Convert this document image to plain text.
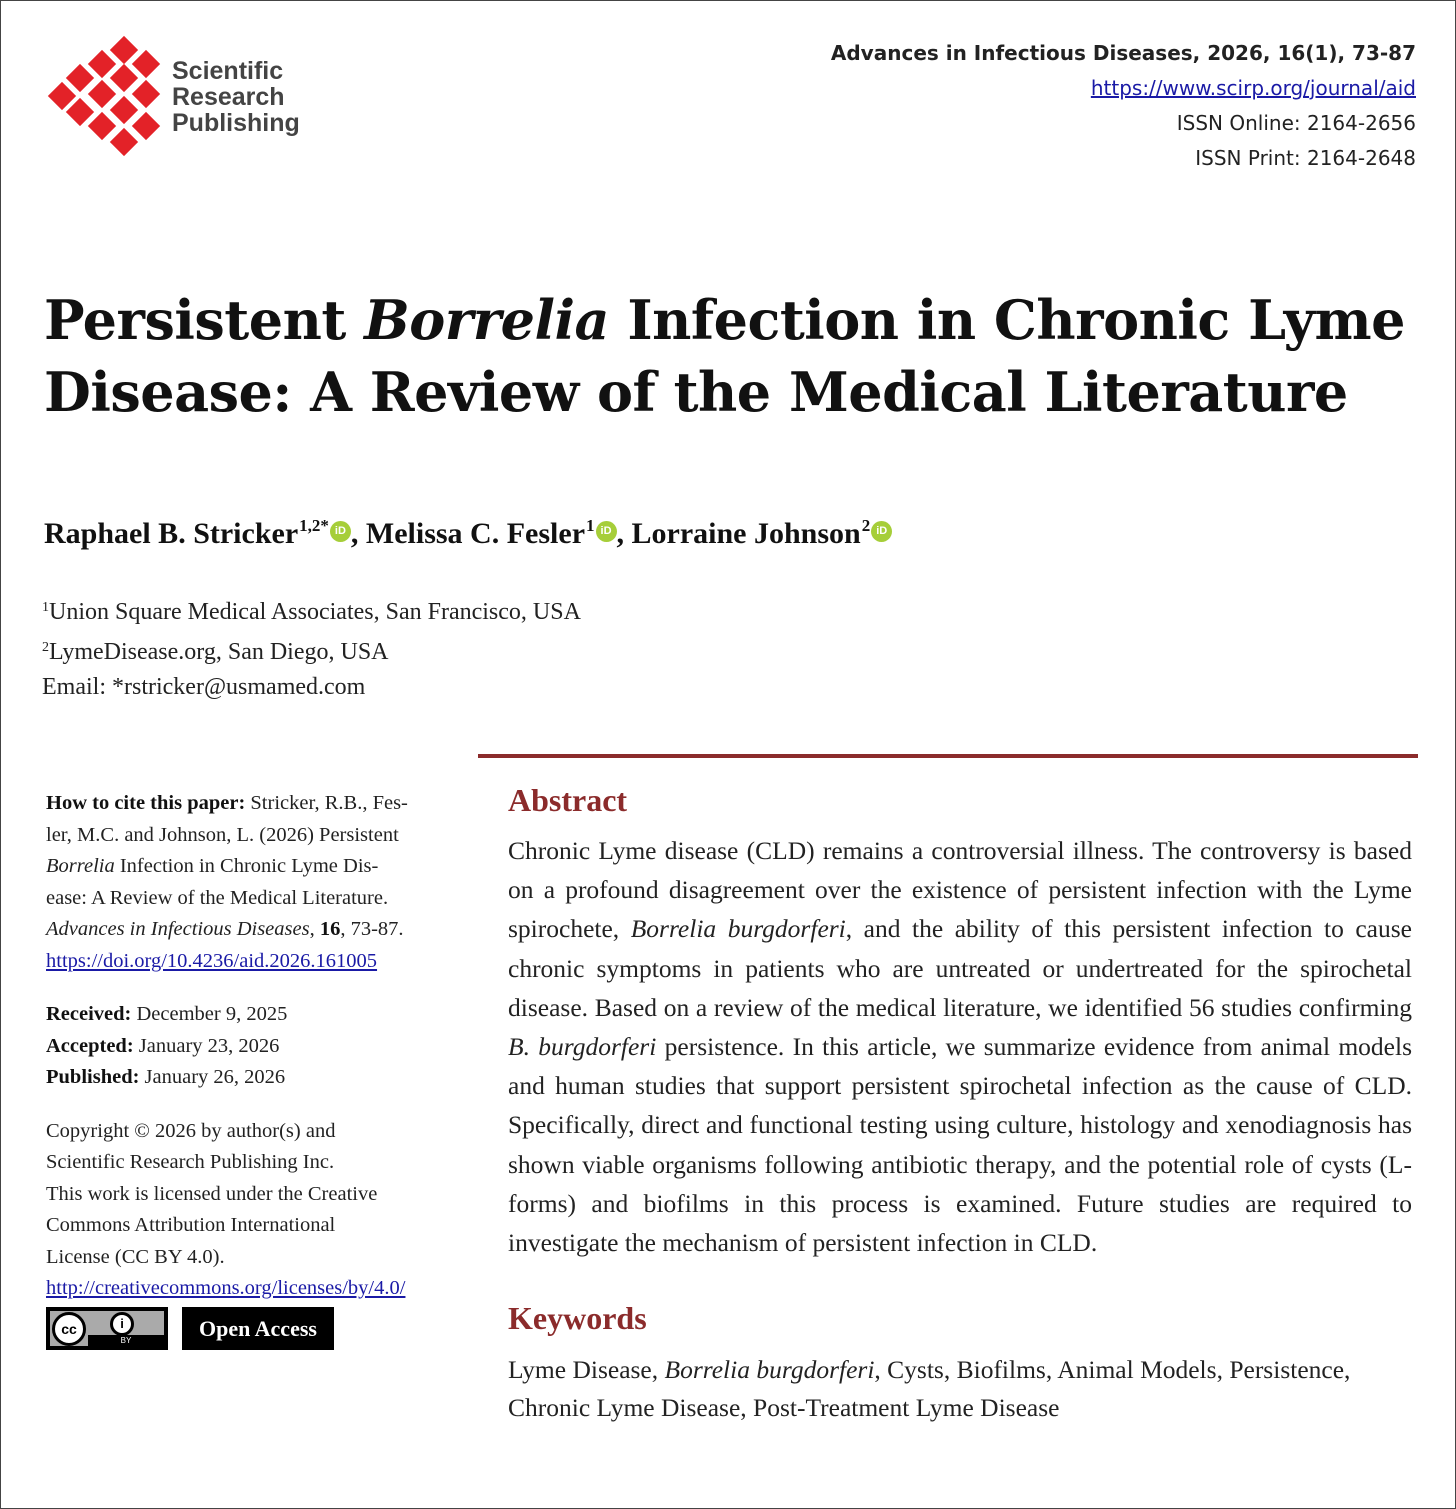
Scientific
Research
Publishing
Advances in Infectious Diseases, 2026, 16(1), 73-87
https://www.scirp.org/journal/aid
ISSN Online: 2164-2656
ISSN Print: 2164-2648
Persistent Borrelia Infection in Chronic Lyme Disease: A Review of the Medical Literature
Raphael B. Stricker$^{1,2*}$ iD , Melissa C. Fesler$^1$ iD , Lorraine Johnson$^2$ iD
$^1$Union Square Medical Associates, San Francisco, USA
$^2$LymeDisease.org, San Diego, USA
Email: *rstricker@usmamed.com
How to cite this paper: Stricker, R.B., Fes-
ler, M.C. and Johnson, L. (2026) Persistent
Borrelia Infection in Chronic Lyme Dis-
ease: A Review of the Medical Literature.
Advances in Infectious Diseases, 16, 73-87.
https://doi.org/10.4236/aid.2026.161005
Received: December 9, 2025
Accepted: January 23, 2026
Published: January 26, 2026
Copyright © 2026 by author(s) and
Scientific Research Publishing Inc.
This work is licensed under the Creative
Commons Attribution International
License (CC BY 4.0).
http://creativecommons.org/licenses/by/4.0/
cc	i
BY	Open Access
Abstract

Chronic Lyme disease (CLD) remains a controversial illness. The controversy is based on a profound disagreement over the existence of persistent infection with the Lyme spirochete, Borrelia burgdorferi, and the ability of this persistent infection to cause chronic symptoms in patients who are untreated or undertreated for the spirochetal disease. Based on a review of the medical literature, we identified 56 studies confirming B. burgdorferi persistence. In this article, we summarize evidence from animal models and human studies that support persistent spirochetal infection as the cause of CLD. Specifically, direct and functional testing using culture, histology and xenodiagnosis has shown viable organisms following antibiotic therapy, and the potential role of cysts (L-forms) and biofilms in this process is examined. Future studies are required to investigate the mechanism of persistent infection in CLD.

Keywords

Lyme Disease, Borrelia burgdorferi, Cysts, Biofilms, Animal Models, Persistence, Chronic Lyme Disease, Post-Treatment Lyme Disease
